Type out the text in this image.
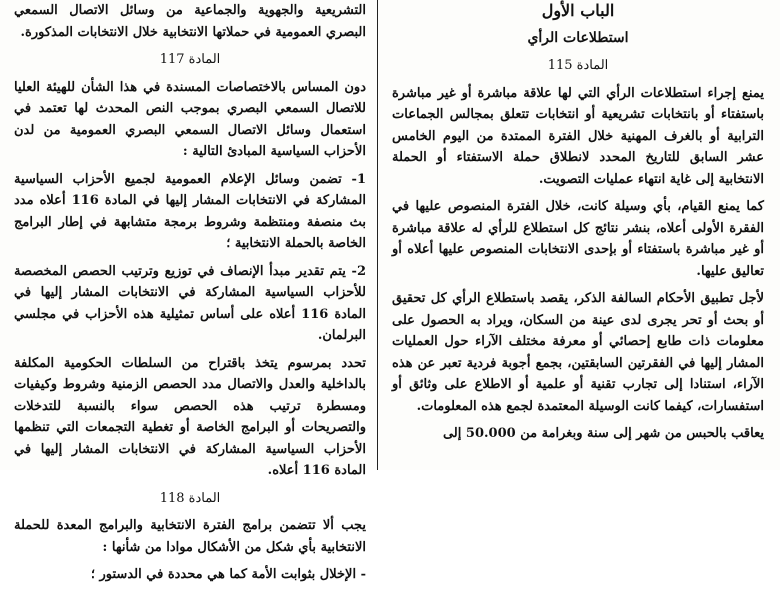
الباب الأول

استطلاعات الرأي

المادة 115

يمنع إجراء استطلاعات الرأي التي لها علاقة مباشرة أو غير مباشرة باستفتاء أو بانتخابات تشريعية أو انتخابات تتعلق بمجالس الجماعات الترابية أو بالغرف المهنية خلال الفترة الممتدة من اليوم الخامس عشر السابق للتاريخ المحدد لانطلاق حملة الاستفتاء أو الحملة الانتخابية إلى غاية انتهاء عمليات التصويت.

كما يمنع القيام، بأي وسيلة كانت، خلال الفترة المنصوص عليها في الفقرة الأولى أعلاه، بنشر نتائج كل استطلاع للرأي له علاقة مباشرة أو غير مباشرة باستفتاء أو بإحدى الانتخابات المنصوص عليها أعلاه أو تعاليق عليها.

لأجل تطبيق الأحكام السالفة الذكر، يقصد باستطلاع الرأي كل تحقيق أو بحث أو تحر يجرى لدى عينة من السكان، ويراد به الحصول على معلومات ذات طابع إحصائي أو معرفة مختلف الآراء حول العمليات المشار إليها في الفقرتين السابقتين، بجمع أجوبة فردية تعبر عن هذه الآراء، استنادا إلى تجارب تقنية أو علمية أو الاطلاع على وثائق أو استفسارات، كيفما كانت الوسيلة المعتمدة لجمع هذه المعلومات.

يعاقب بالحبس من شهر إلى سنة وبغرامة من 50.000 إلى

التشريعية والجهوية والجماعية من وسائل الاتصال السمعي البصري العمومية في حملاتها الانتخابية خلال الانتخابات المذكورة.

المادة 117

دون المساس بالاختصاصات المسندة في هذا الشأن للهيئة العليا للاتصال السمعي البصري بموجب النص المحدث لها تعتمد في استعمال وسائل الاتصال السمعي البصري العمومية من لدن الأحزاب السياسية المبادئ التالية :

1- تضمن وسائل الإعلام العمومية لجميع الأحزاب السياسية المشاركة في الانتخابات المشار إليها في المادة 116 أعلاه مدد بث منصفة ومنتظمة وشروط برمجة متشابهة في إطار البرامج الخاصة بالحملة الانتخابية ؛

2- يتم تقدير مبدأ الإنصاف في توزيع وترتيب الحصص المخصصة للأحزاب السياسية المشاركة في الانتخابات المشار إليها في المادة 116 أعلاه على أساس تمثيلية هذه الأحزاب في مجلسي البرلمان.

تحدد بمرسوم يتخذ باقتراح من السلطات الحكومية المكلفة بالداخلية والعدل والاتصال مدد الحصص الزمنية وشروط وكيفيات ومسطرة ترتيب هذه الحصص سواء بالنسبة للتدخلات والتصريحات أو البرامج الخاصة أو تغطية التجمعات التي تنظمها الأحزاب السياسية المشاركة في الانتخابات المشار إليها في المادة 116 أعلاه.

المادة 118

يجب ألا تتضمن برامج الفترة الانتخابية والبرامج المعدة للحملة الانتخابية بأي شكل من الأشكال موادا من شأنها :

- الإخلال بثوابت الأمة كما هي محددة في الدستور ؛
